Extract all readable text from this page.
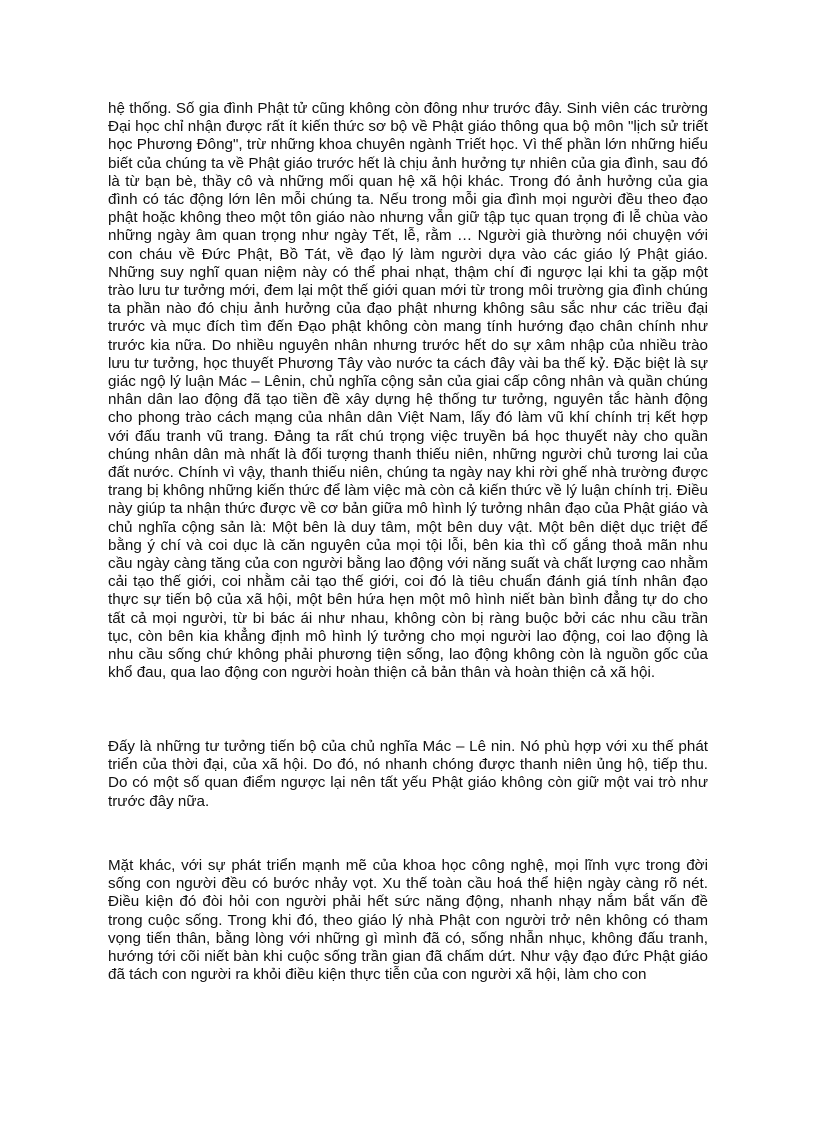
hệ thống. Số gia đình Phật tử cũng không còn đông như trước đây. Sinh viên các trường Đại học chỉ nhận được rất ít kiến thức sơ bộ về Phật giáo thông qua bộ môn "lịch sử triết học Phương Đông", trừ những khoa chuyên ngành Triết học. Vì thế phần lớn những hiểu biết của chúng ta về Phật giáo trước hết là chịu ảnh hưởng tự nhiên của gia đình, sau đó là từ bạn bè, thầy cô và những mối quan hệ xã hội khác. Trong đó ảnh hưởng của gia đình có tác động lớn lên mỗi chúng ta. Nếu trong mỗi gia đình mọi người đều theo đạo phật hoặc không theo một tôn giáo nào nhưng vẫn giữ tập tục quan trọng đi lễ chùa vào những ngày âm quan trọng như ngày Tết, lễ, rằm … Người già thường nói chuyện với con cháu về Đức Phật, Bồ Tát, về đạo lý làm người dựa vào các giáo lý Phật giáo. Những suy nghĩ quan niệm này có thể phai nhạt, thậm chí đi ngược lại khi ta gặp một trào lưu tư tưởng mới, đem lại một thế giới quan mới từ trong môi trường gia đình chúng ta phần nào đó chịu ảnh hưởng của đạo phật nhưng không sâu sắc như các triều đại trước và mục đích tìm đến Đạo phật không còn mang tính hướng đạo chân chính như trước kia nữa. Do nhiều nguyên nhân nhưng trước hết do sự xâm nhập của nhiều trào lưu tư tưởng, học thuyết Phương Tây vào nước ta cách đây vài ba thế kỷ. Đặc biệt là sự giác ngộ lý luận Mác – Lênin, chủ nghĩa cộng sản của giai cấp công nhân và quần chúng nhân dân lao động đã tạo tiền đề xây dựng hệ thống tư tưởng, nguyên tắc hành động cho phong trào cách mạng của nhân dân Việt Nam, lấy đó làm vũ khí chính trị kết hợp với đấu tranh vũ trang. Đảng ta rất chú trọng việc truyền bá học thuyết này cho quần chúng nhân dân mà nhất là đối tượng thanh thiếu niên, những người chủ tương lai của đất nước. Chính vì vậy, thanh thiếu niên, chúng ta ngày nay khi rời ghế nhà trường được trang bị không những kiến thức để làm việc mà còn cả kiến thức về lý luận chính trị. Điều này giúp ta nhận thức được về cơ bản giữa mô hình lý tưởng nhân đạo của Phật giáo và chủ nghĩa cộng sản là: Một bên là duy tâm, một bên duy vật. Một bên diệt dục triệt để bằng ý chí và coi dục là căn nguyên của mọi tội lỗi, bên kia thì cố gắng thoả mãn nhu cầu ngày càng tăng của con người bằng lao động với năng suất và chất lượng cao nhằm cải tạo thế giới, coi nhằm cải tạo thế giới, coi đó là tiêu chuẩn đánh giá tính nhân đạo thực sự tiến bộ của xã hội, một bên hứa hẹn một mô hình niết bàn bình đẳng tự do cho tất cả mọi người, từ bi bác ái như nhau, không còn bị ràng buộc bởi các nhu cầu trần tục, còn bên kia khẳng định mô hình lý tưởng cho mọi người lao động, coi lao động là nhu cầu sống chứ không phải phương tiện sống, lao động không còn là nguồn gốc của khổ đau, qua lao động con người hoàn thiện cả bản thân và hoàn thiện cả xã hội.

Đấy là những tư tưởng tiến bộ của chủ nghĩa Mác – Lê nin. Nó phù hợp với xu thế phát triển của thời đại, của xã hội. Do đó, nó nhanh chóng được thanh niên ủng hộ, tiếp thu. Do có một số quan điểm ngược lại nên tất yếu Phật giáo không còn giữ một vai trò như trước đây nữa.

Mặt khác, với sự phát triển mạnh mẽ của khoa học công nghệ, mọi lĩnh vực trong đời sống con người đều có bước nhảy vọt. Xu thế toàn cầu hoá thể hiện ngày càng rõ nét. Điều kiện đó đòi hỏi con người phải hết sức năng động, nhanh nhạy nắm bắt vấn đề trong cuộc sống. Trong khi đó, theo giáo lý nhà Phật con người trở nên không có tham vọng tiến thân, bằng lòng với những gì mình đã có, sống nhẫn nhục, không đấu tranh, hướng tới cõi niết bàn khi cuộc sống trần gian đã chấm dứt. Như vậy đạo đức Phật giáo đã tách con người ra khỏi điều kiện thực tiễn của con người xã hội, làm cho con
